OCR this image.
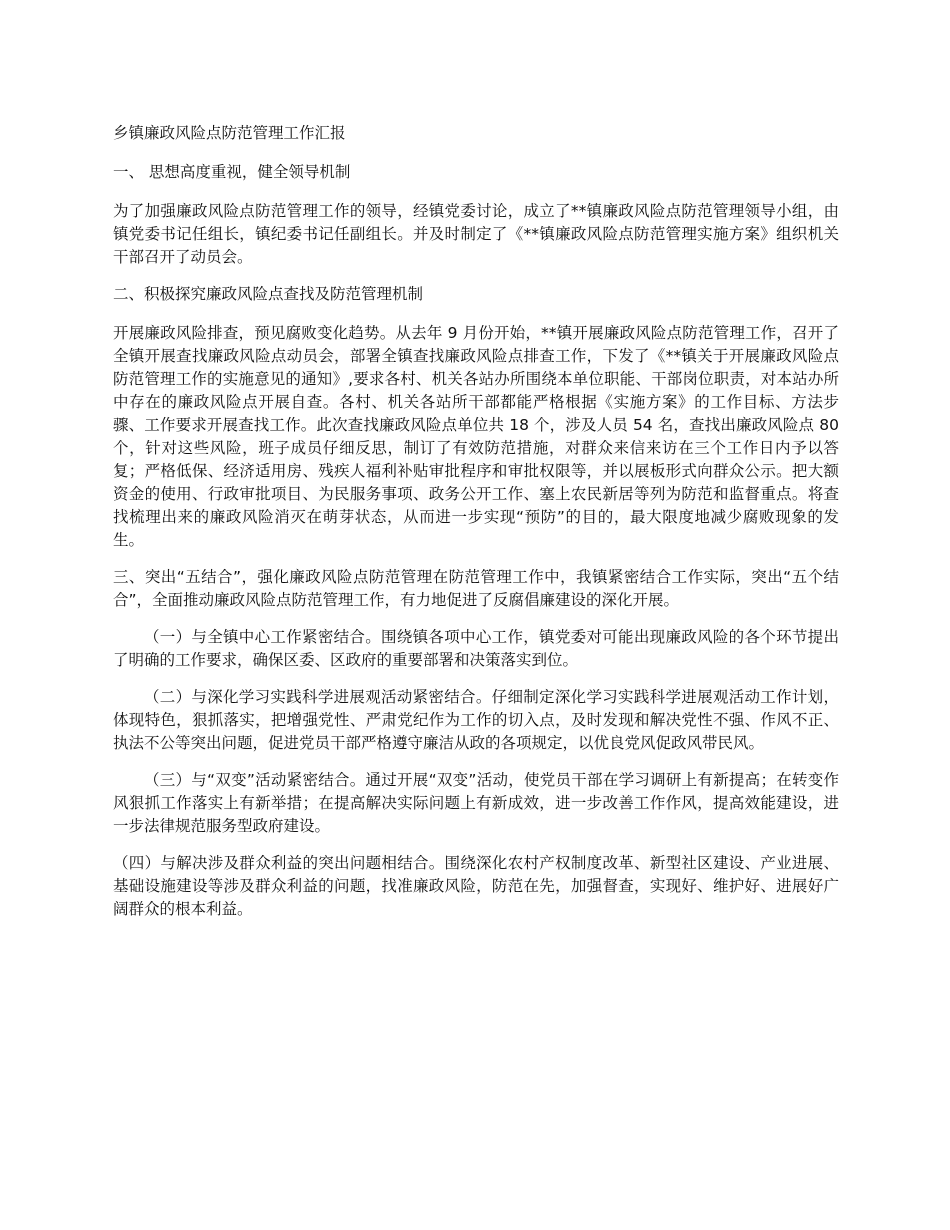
乡镇廉政风险点防范管理工作汇报

一、 思想高度重视，健全领导机制

为了加强廉政风险点防范管理工作的领导，经镇党委讨论，成立了**镇廉政风险点防范管理领导小组，由镇党委书记任组长，镇纪委书记任副组长。并及时制定了《**镇廉政风险点防范管理实施方案》组织机关干部召开了动员会。

二、积极探究廉政风险点查找及防范管理机制

开展廉政风险排查，预见腐败变化趋势。从去年 9 月份开始，**镇开展廉政风险点防范管理工作，召开了全镇开展查找廉政风险点动员会，部署全镇查找廉政风险点排查工作，下发了《**镇关于开展廉政风险点防范管理工作的实施意见的通知》,要求各村、机关各站办所围绕本单位职能、干部岗位职责，对本站办所中存在的廉政风险点开展自查。各村、机关各站所干部都能严格根据《实施方案》的工作目标、方法步骤、工作要求开展查找工作。此次查找廉政风险点单位共 18 个，涉及人员 54 名，查找出廉政风险点 80 个，针对这些风险，班子成员仔细反思，制订了有效防范措施，对群众来信来访在三个工作日内予以答复；严格低保、经济适用房、残疾人福利补贴审批程序和审批权限等，并以展板形式向群众公示。把大额资金的使用、行政审批项目、为民服务事项、政务公开工作、塞上农民新居等列为防范和监督重点。将查找梳理出来的廉政风险消灭在萌芽状态，从而进一步实现“预防”的目的，最大限度地减少腐败现象的发生。

三、突出“五结合”，强化廉政风险点防范管理在防范管理工作中，我镇紧密结合工作实际，突出“五个结合”，全面推动廉政风险点防范管理工作，有力地促进了反腐倡廉建设的深化开展。

（一）与全镇中心工作紧密结合。围绕镇各项中心工作，镇党委对可能出现廉政风险的各个环节提出了明确的工作要求，确保区委、区政府的重要部署和决策落实到位。

（二）与深化学习实践科学进展观活动紧密结合。仔细制定深化学习实践科学进展观活动工作计划，体现特色，狠抓落实，把增强党性、严肃党纪作为工作的切入点，及时发现和解决党性不强、作风不正、执法不公等突出问题，促进党员干部严格遵守廉洁从政的各项规定，以优良党风促政风带民风。

（三）与“双变”活动紧密结合。通过开展“双变”活动，使党员干部在学习调研上有新提高；在转变作风狠抓工作落实上有新举措；在提高解决实际问题上有新成效，进一步改善工作作风，提高效能建设，进一步法律规范服务型政府建设。

（四）与解决涉及群众利益的突出问题相结合。围绕深化农村产权制度改革、新型社区建设、产业进展、基础设施建设等涉及群众利益的问题，找准廉政风险，防范在先，加强督查，实现好、维护好、进展好广阔群众的根本利益。
